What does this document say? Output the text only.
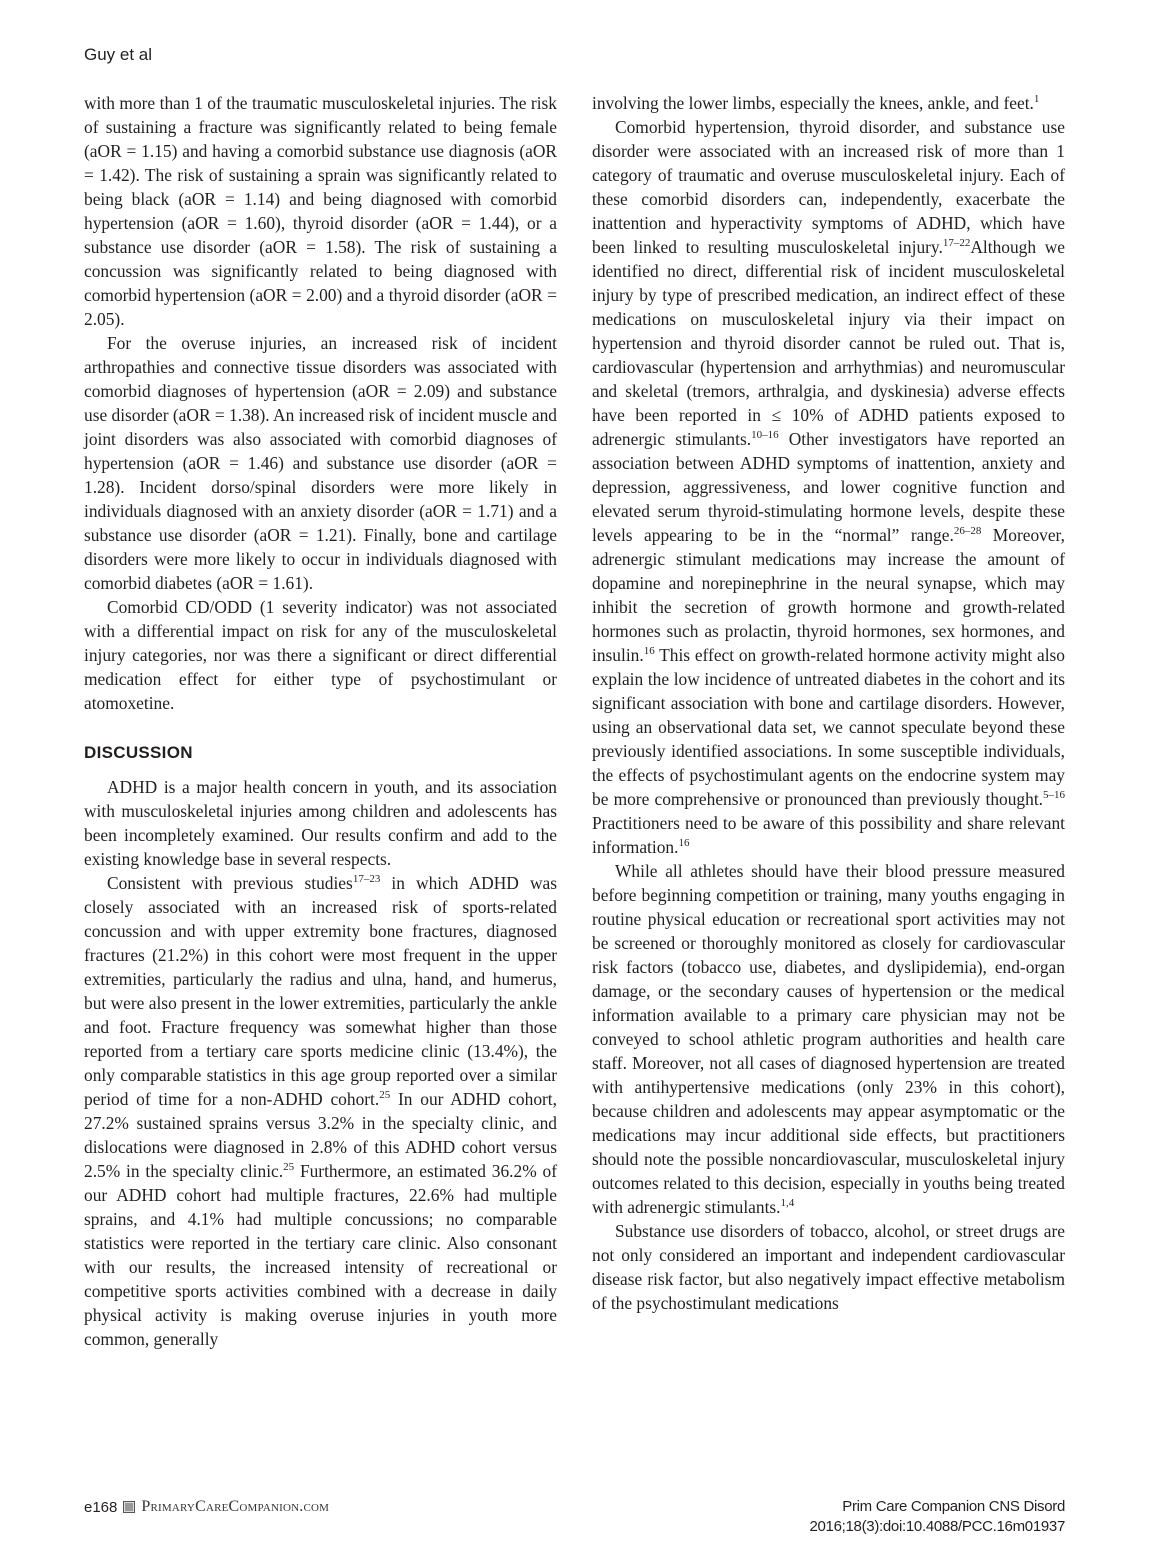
Guy et al

with more than 1 of the traumatic musculoskeletal injuries. The risk of sustaining a fracture was significantly related to being female (aOR = 1.15) and having a comorbid substance use diagnosis (aOR = 1.42). The risk of sustaining a sprain was significantly related to being black (aOR = 1.14) and being diagnosed with comorbid hypertension (aOR = 1.60), thyroid disorder (aOR = 1.44), or a substance use disorder (aOR = 1.58). The risk of sustaining a concussion was significantly related to being diagnosed with comorbid hypertension (aOR = 2.00) and a thyroid disorder (aOR = 2.05).

For the overuse injuries, an increased risk of incident arthropathies and connective tissue disorders was associated with comorbid diagnoses of hypertension (aOR = 2.09) and substance use disorder (aOR = 1.38). An increased risk of incident muscle and joint disorders was also associated with comorbid diagnoses of hypertension (aOR = 1.46) and substance use disorder (aOR = 1.28). Incident dorso/spinal disorders were more likely in individuals diagnosed with an anxiety disorder (aOR = 1.71) and a substance use disorder (aOR = 1.21). Finally, bone and cartilage disorders were more likely to occur in individuals diagnosed with comorbid diabetes (aOR = 1.61).

Comorbid CD/ODD (1 severity indicator) was not associated with a differential impact on risk for any of the musculoskeletal injury categories, nor was there a significant or direct differential medication effect for either type of psychostimulant or atomoxetine.

DISCUSSION

ADHD is a major health concern in youth, and its association with musculoskeletal injuries among children and adolescents has been incompletely examined. Our results confirm and add to the existing knowledge base in several respects.

Consistent with previous studies$^{17-23}$ in which ADHD was closely associated with an increased risk of sports-related concussion and with upper extremity bone fractures, diagnosed fractures (21.2%) in this cohort were most frequent in the upper extremities, particularly the radius and ulna, hand, and humerus, but were also present in the lower extremities, particularly the ankle and foot. Fracture frequency was somewhat higher than those reported from a tertiary care sports medicine clinic (13.4%), the only comparable statistics in this age group reported over a similar period of time for a non-ADHD cohort.$^{25}$ In our ADHD cohort, 27.2% sustained sprains versus 3.2% in the specialty clinic, and dislocations were diagnosed in 2.8% of this ADHD cohort versus 2.5% in the specialty clinic.$^{25}$ Furthermore, an estimated 36.2% of our ADHD cohort had multiple fractures, 22.6% had multiple sprains, and 4.1% had multiple concussions; no comparable statistics were reported in the tertiary care clinic. Also consonant with our results, the increased intensity of recreational or competitive sports activities combined with a decrease in daily physical activity is making overuse injuries in youth more common, generally

involving the lower limbs, especially the knees, ankle, and feet.$^1$

Comorbid hypertension, thyroid disorder, and substance use disorder were associated with an increased risk of more than 1 category of traumatic and overuse musculoskeletal injury. Each of these comorbid disorders can, independently, exacerbate the inattention and hyperactivity symptoms of ADHD, which have been linked to resulting musculoskeletal injury.$^{17-22}$Although we identified no direct, differential risk of incident musculoskeletal injury by type of prescribed medication, an indirect effect of these medications on musculoskeletal injury via their impact on hypertension and thyroid disorder cannot be ruled out. That is, cardiovascular (hypertension and arrhythmias) and neuromuscular and skeletal (tremors, arthralgia, and dyskinesia) adverse effects have been reported in ≤ 10% of ADHD patients exposed to adrenergic stimulants.$^{10-16}$ Other investigators have reported an association between ADHD symptoms of inattention, anxiety and depression, aggressiveness, and lower cognitive function and elevated serum thyroid-stimulating hormone levels, despite these levels appearing to be in the “normal” range.$^{26-28}$ Moreover, adrenergic stimulant medications may increase the amount of dopamine and norepinephrine in the neural synapse, which may inhibit the secretion of growth hormone and growth-related hormones such as prolactin, thyroid hormones, sex hormones, and insulin.$^{16}$ This effect on growth-related hormone activity might also explain the low incidence of untreated diabetes in the cohort and its significant association with bone and cartilage disorders. However, using an observational data set, we cannot speculate beyond these previously identified associations. In some susceptible individuals, the effects of psychostimulant agents on the endocrine system may be more comprehensive or pronounced than previously thought.$^{5-16}$ Practitioners need to be aware of this possibility and share relevant information.$^{16}$

While all athletes should have their blood pressure measured before beginning competition or training, many youths engaging in routine physical education or recreational sport activities may not be screened or thoroughly monitored as closely for cardiovascular risk factors (tobacco use, diabetes, and dyslipidemia), end-organ damage, or the secondary causes of hypertension or the medical information available to a primary care physician may not be conveyed to school athletic program authorities and health care staff. Moreover, not all cases of diagnosed hypertension are treated with antihypertensive medications (only 23% in this cohort), because children and adolescents may appear asymptomatic or the medications may incur additional side effects, but practitioners should note the possible noncardiovascular, musculoskeletal injury outcomes related to this decision, especially in youths being treated with adrenergic stimulants.$^{1,4}$

Substance use disorders of tobacco, alcohol, or street drugs are not only considered an important and independent cardiovascular disease risk factor, but also negatively impact effective metabolism of the psychostimulant medications

e168 PrimaryCareCompanion.com	Prim Care Companion CNS Disord
2016;18(3):doi:10.4088/PCC.16m01937
